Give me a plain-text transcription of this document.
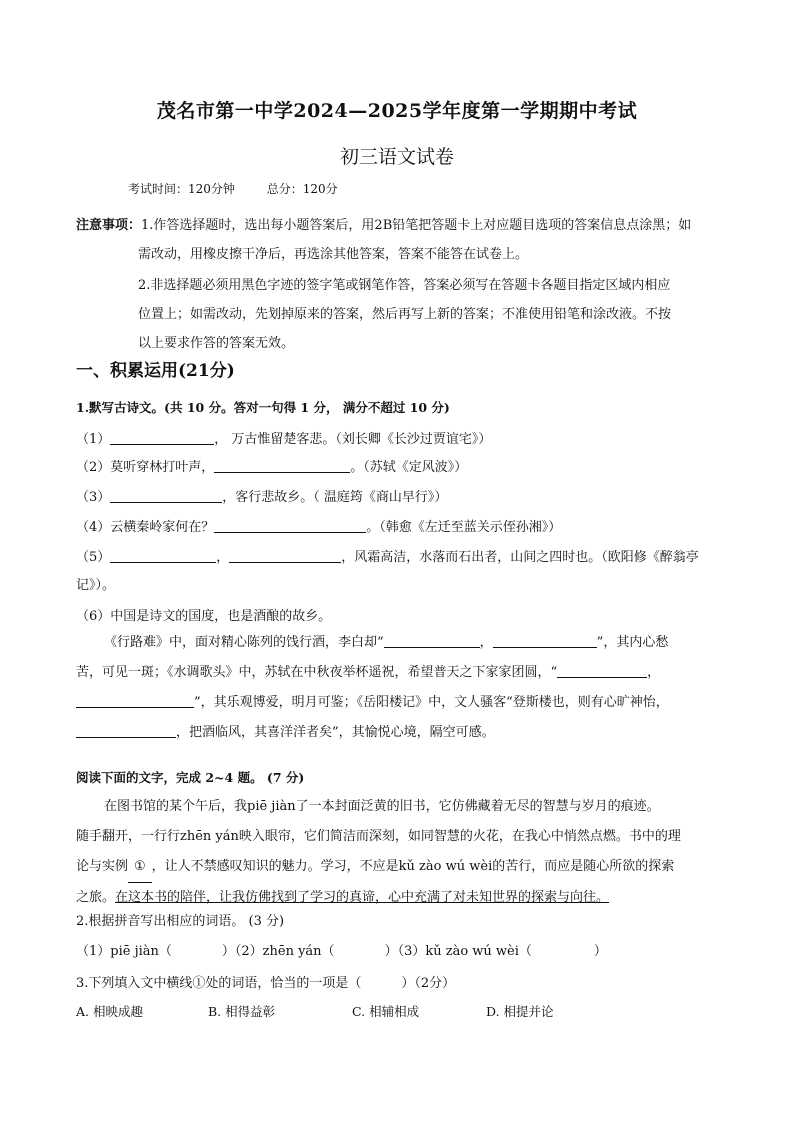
茂名市第一中学2024—2025学年度第一学期期中考试
初三语文试卷
考试时间：120分钟	总分：120分
注意事项：1.作答选择题时，选出每小题答案后，用2B铅笔把答题卡上对应题目选项的答案信息点涂黑；如
需改动，用橡皮擦干净后，再选涂其他答案，答案不能答在试卷上。
2.非选择题必须用黑色字迹的签字笔或钢笔作答，答案必须写在答题卡各题目指定区域内相应
位置上；如需改动，先划掉原来的答案，然后再写上新的答案；不准使用铅笔和涂改液。不按
以上要求作答的答案无效。
一、积累运用(21分)
1.默写古诗文。(共 10 分。答对一句得 1 分， 满分不超过 10 分)
（1）	， 万古惟留楚客悲。（刘长卿《长沙过贾谊宅》）
（2）莫听穿林打叶声，	。（苏轼《定风波》）
（3）	，客行悲故乡。（ 温庭筠《商山早行》）
（4）云横秦岭家何在？	。（韩愈《左迁至蓝关示侄孙湘》）
（5）	，	，风霜高洁，水落而石出者，山间之四时也。（欧阳修《醉翁亭
记》）。
（6）中国是诗文的国度，也是酒酿的故乡。
《行路难》中，面对精心陈列的饯行酒，李白却“	，	”，其内心愁
苦，可见一斑；《水调歌头》中，苏轼在中秋夜举杯遥祝，希望普天之下家家团圆，“	，
”，其乐观博爱，明月可鉴；《岳阳楼记》中，文人骚客“登斯楼也，则有心旷神怡，
，把酒临风，其喜洋洋者矣”，其愉悦心境，隔空可感。
阅读下面的文字，完成 2~4 题。 (7 分)
在图书馆的某个午后，我piē jiàn了一本封面泛黄的旧书，它仿佛藏着无尽的智慧与岁月的痕迹。
随手翻开，一行行zhēn yán映入眼帘，它们简洁而深刻，如同智慧的火花，在我心中悄然点燃。书中的理
论与实例 ① ，让人不禁感叹知识的魅力。学习，不应是kǔ zào wú wèi的苦行，而应是随心所欲的探索
之旅。在这本书的陪伴，让我仿佛找到了学习的真谛，心中充满了对未知世界的探索与向往。
2.根据拼音写出相应的词语。 (3 分)
（1）piē jiàn（	）（2）zhēn yán（	）（3）kǔ zào wú wèi（	）
3.下列填入文中横线①处的词语，恰当的一项是（	）（2分）
A. 相映成趣	B. 相得益彰	C. 相辅相成	D. 相提并论
